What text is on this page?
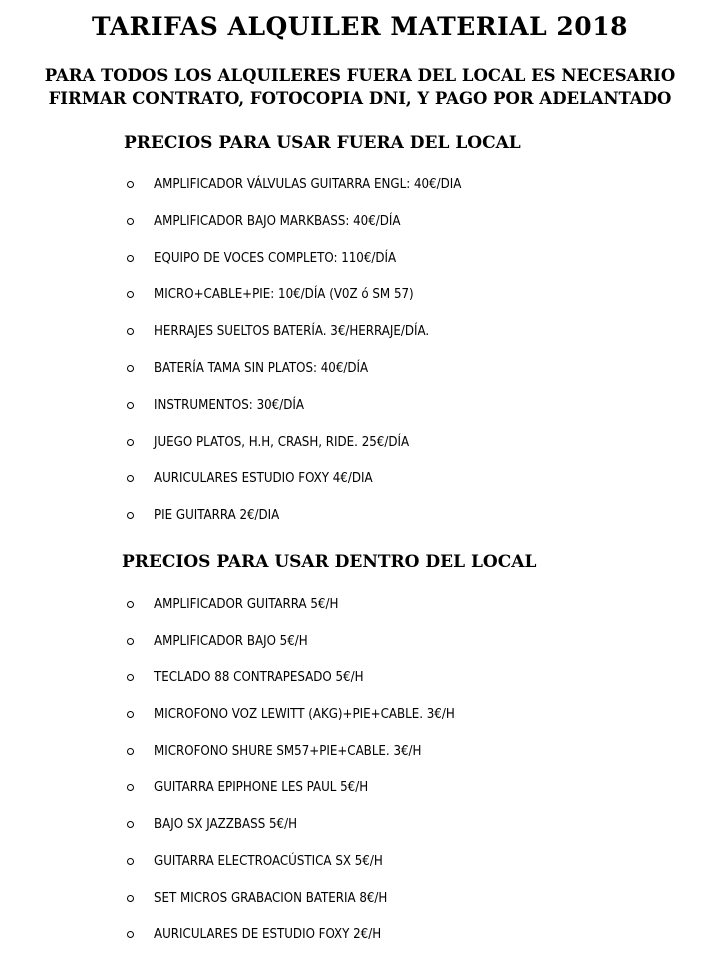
TARIFAS ALQUILER MATERIAL 2018
PARA TODOS LOS ALQUILERES FUERA DEL LOCAL ES NECESARIO
FIRMAR CONTRATO, FOTOCOPIA DNI, Y PAGO POR ADELANTADO
PRECIOS PARA USAR FUERA DEL LOCAL
AMPLIFICADOR VÁLVULAS GUITARRA ENGL: 40€/DIA
AMPLIFICADOR BAJO MARKBASS: 40€/DÍA
EQUIPO DE VOCES COMPLETO: 110€/DÍA
MICRO+CABLE+PIE: 10€/DÍA (V0Z ó SM 57)
HERRAJES SUELTOS BATERÍA. 3€/HERRAJE/DÍA.
BATERÍA TAMA SIN PLATOS: 40€/DÍA
INSTRUMENTOS: 30€/DÍA
JUEGO PLATOS, H.H, CRASH, RIDE. 25€/DÍA
AURICULARES ESTUDIO FOXY 4€/DIA
PIE GUITARRA 2€/DIA
PRECIOS PARA USAR DENTRO DEL LOCAL
AMPLIFICADOR GUITARRA 5€/H
AMPLIFICADOR BAJO 5€/H
TECLADO 88 CONTRAPESADO 5€/H
MICROFONO VOZ LEWITT (AKG)+PIE+CABLE. 3€/H
MICROFONO SHURE SM57+PIE+CABLE. 3€/H
GUITARRA EPIPHONE LES PAUL 5€/H
BAJO SX JAZZBASS 5€/H
GUITARRA ELECTROACÚSTICA SX 5€/H
SET MICROS GRABACION BATERIA 8€/H
AURICULARES DE ESTUDIO FOXY 2€/H
